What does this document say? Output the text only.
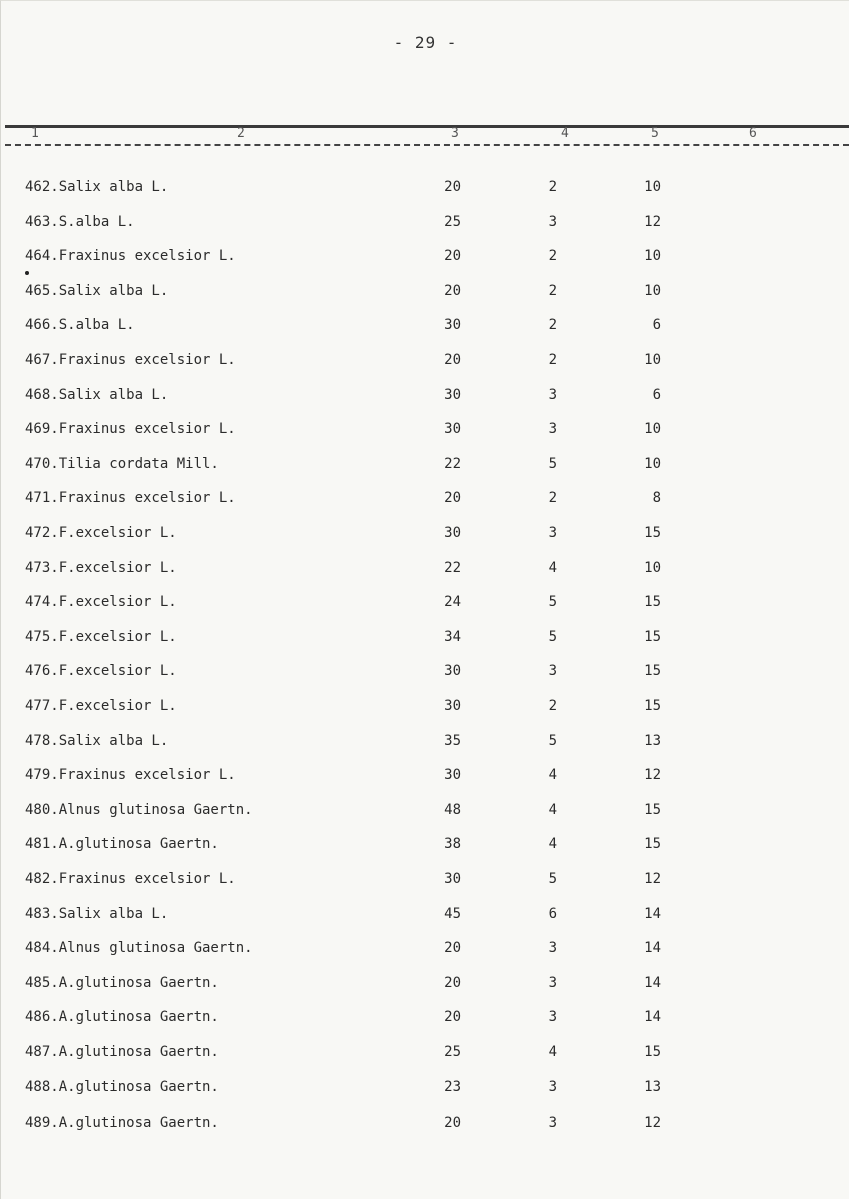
- 29 -
1	2	3	4	5	6
462.Salix alba L.	20	2	10
463.S.alba L.	25	3	12
464.Fraxinus excelsior L.	20	2	10
465.Salix alba L.	20	2	10
466.S.alba L.	30	2	6
467.Fraxinus excelsior L.	20	2	10
468.Salix alba L.	30	3	6
469.Fraxinus excelsior L.	30	3	10
470.Tilia cordata Mill.	22	5	10
471.Fraxinus excelsior L.	20	2	8
472.F.excelsior L.	30	3	15
473.F.excelsior L.	22	4	10
474.F.excelsior L.	24	5	15
475.F.excelsior L.	34	5	15
476.F.excelsior L.	30	3	15
477.F.excelsior L.	30	2	15
478.Salix alba L.	35	5	13
479.Fraxinus excelsior L.	30	4	12
480.Alnus glutinosa Gaertn.	48	4	15
481.A.glutinosa Gaertn.	38	4	15
482.Fraxinus excelsior L.	30	5	12
483.Salix alba L.	45	6	14
484.Alnus glutinosa Gaertn.	20	3	14
485.A.glutinosa Gaertn.	20	3	14
486.A.glutinosa Gaertn.	20	3	14
487.A.glutinosa Gaertn.	25	4	15
488.A.glutinosa Gaertn.	23	3	13
489.A.glutinosa Gaertn.	20	3	12
